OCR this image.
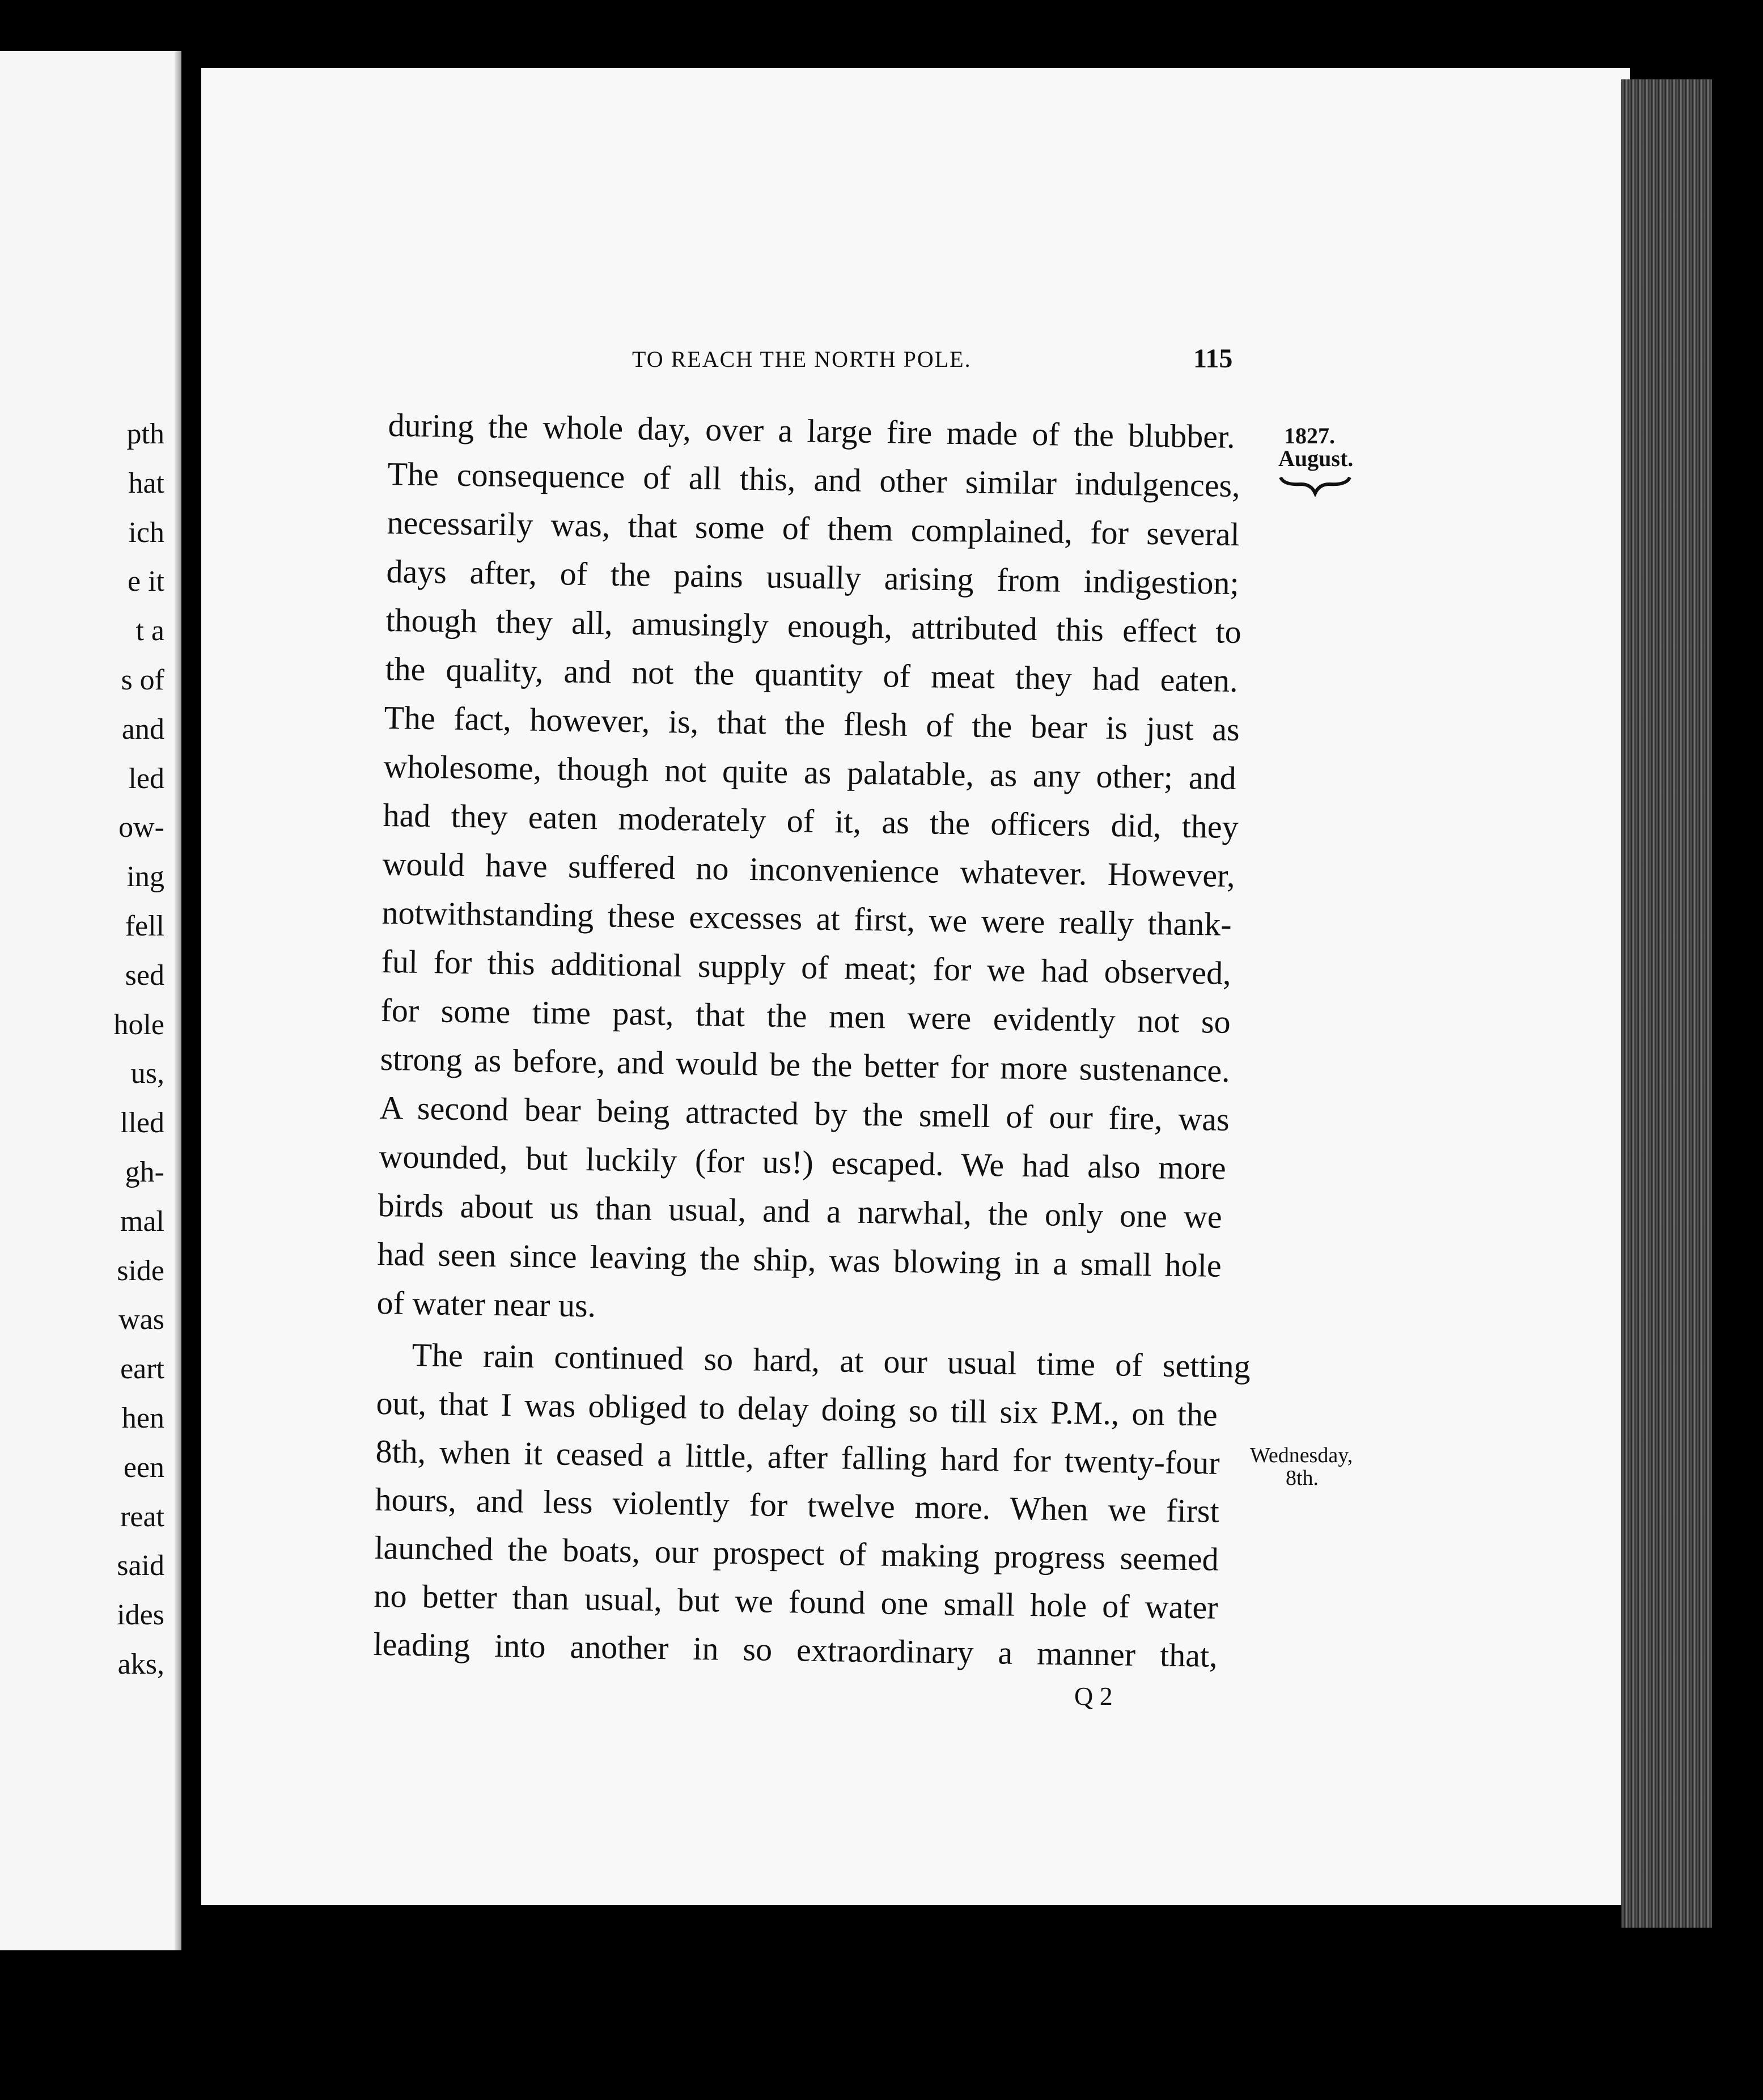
pth

hat

ich

e it

t a

s of

and

led

ow-

ing

fell

sed

hole

us,

lled

gh-

mal

side

was

eart

hen

een

reat

said

ides

aks,

TO REACH THE NORTH POLE.	115

1827.

August.

Wednesday,

8th.

during the whole day, over a large fire made of the blubber.

The consequence of all this, and other similar indulgences,

necessarily was, that some of them complained, for several

days after, of the pains usually arising from indigestion;

though they all, amusingly enough, attributed this effect to

the quality, and not the quantity of meat they had eaten.

The fact, however, is, that the flesh of the bear is just as

wholesome, though not quite as palatable, as any other; and

had they eaten moderately of it, as the officers did, they

would have suffered no inconvenience whatever. However,

notwithstanding these excesses at first, we were really thank-

ful for this additional supply of meat; for we had observed,

for some time past, that the men were evidently not so

strong as before, and would be the better for more sustenance.

A second bear being attracted by the smell of our fire, was

wounded, but luckily (for us!) escaped. We had also more

birds about us than usual, and a narwhal, the only one we

had seen since leaving the ship, was blowing in a small hole

of water near us.

The rain continued so hard, at our usual time of setting

out, that I was obliged to delay doing so till six P.M., on the

8th, when it ceased a little, after falling hard for twenty-four

hours, and less violently for twelve more. When we first

launched the boats, our prospect of making progress seemed

no better than usual, but we found one small hole of water

leading into another in so extraordinary a manner that,

Q 2
